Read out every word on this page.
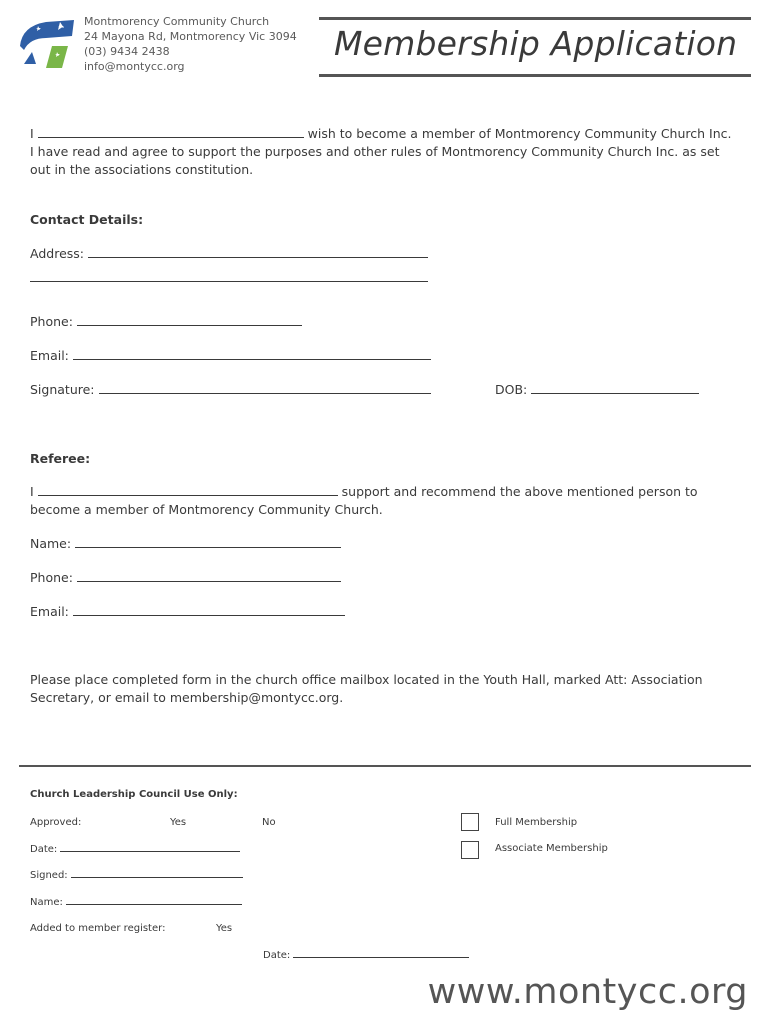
Montmorency Community Church
24 Mayona Rd, Montmorency Vic 3094
(03) 9434 2438
info@montycc.org
Membership Application
I	wish to become a member of Montmorency Community Church Inc.
I have read and agree to support the purposes and other rules of Montmorency Community Church Inc. as set
out in the associations constitution.
Contact Details:
Address:
Phone:
Email:
Signature:	DOB:
Referee:
I	support and recommend the above mentioned person to
become a member of Montmorency Community Church.
Name:
Phone:
Email:
Please place completed form in the church office mailbox located in the Youth Hall, marked Att: Association
Secretary, or email to membership@montycc.org.
Church Leadership Council Use Only:
Approved:	Yes	No	Full Membership
Associate Membership
Date:
Signed:
Name:
Added to member register:	Yes
Date:
www.montycc.org
